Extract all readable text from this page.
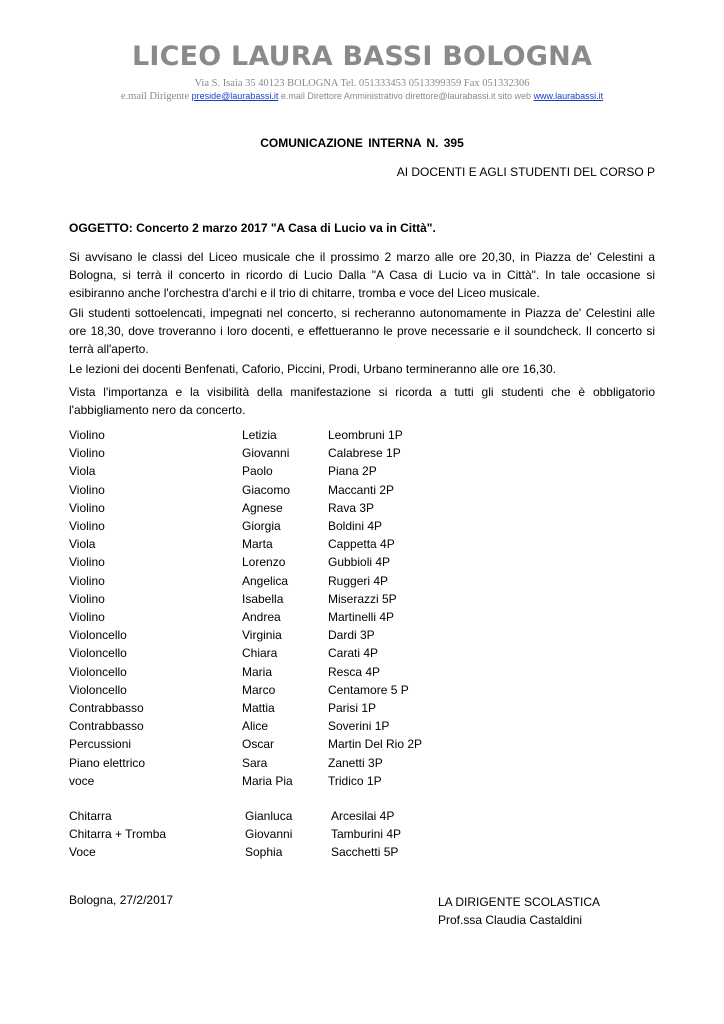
LICEO LAURA BASSI BOLOGNA
Via S. Isaia 35 40123 BOLOGNA Tel. 051333453 0513399359 Fax 051332306
e.mail Dirigente preside@laurabassi.it e.mail Direttore Amministrativo direttore@laurabassi.it sito web www.laurabassi.it
COMUNICAZIONE INTERNA N. 395
AI DOCENTI E AGLI STUDENTI DEL CORSO P
OGGETTO: Concerto 2 marzo 2017 "A Casa di Lucio va in Città".
Si avvisano le classi del Liceo musicale che il prossimo 2 marzo alle ore 20,30, in Piazza de' Celestini a Bologna, si terrà il concerto in ricordo di Lucio Dalla "A Casa di Lucio va in Città". In tale occasione si esibiranno anche l'orchestra d'archi e il trio di chitarre, tromba e voce del Liceo musicale.
Gli studenti sottoelencati, impegnati nel concerto, si recheranno autonomamente in Piazza de' Celestini alle ore 18,30, dove troveranno i loro docenti, e effettueranno le prove necessarie e il soundcheck. Il concerto si terrà all'aperto.
Le lezioni dei docenti Benfenati, Caforio, Piccini, Prodi, Urbano termineranno alle ore 16,30.
Vista l'importanza e la visibilità della manifestazione si ricorda a tutti gli studenti che è obbligatorio l'abbigliamento nero da concerto.
Violino	Letizia	Leombruni 1P
Violino	Giovanni	Calabrese 1P
Viola	Paolo	Piana 2P
Violino	Giacomo	Maccanti 2P
Violino	Agnese	Rava 3P
Violino	Giorgia	Boldini 4P
Viola	Marta	Cappetta 4P
Violino	Lorenzo	Gubbioli 4P
Violino	Angelica	Ruggeri 4P
Violino	Isabella	Miserazzi 5P
Violino	Andrea	Martinelli 4P
Violoncello	Virginia	Dardi 3P
Violoncello	Chiara	Carati 4P
Violoncello	Maria	Resca 4P
Violoncello	Marco	Centamore 5 P
Contrabbasso	Mattia	Parisi 1P
Contrabbasso	Alice	Soverini 1P
Percussioni	Oscar	Martin Del Rio 2P
Piano elettrico	Sara	Zanetti 3P
voce	Maria Pia	Tridico 1P
Chitarra	Gianluca	Arcesilai 4P
Chitarra + Tromba	Giovanni	Tamburini 4P
Voce	Sophia	Sacchetti 5P
Bologna, 27/2/2017	LA DIRIGENTE SCOLASTICA
Prof.ssa Claudia Castaldini
